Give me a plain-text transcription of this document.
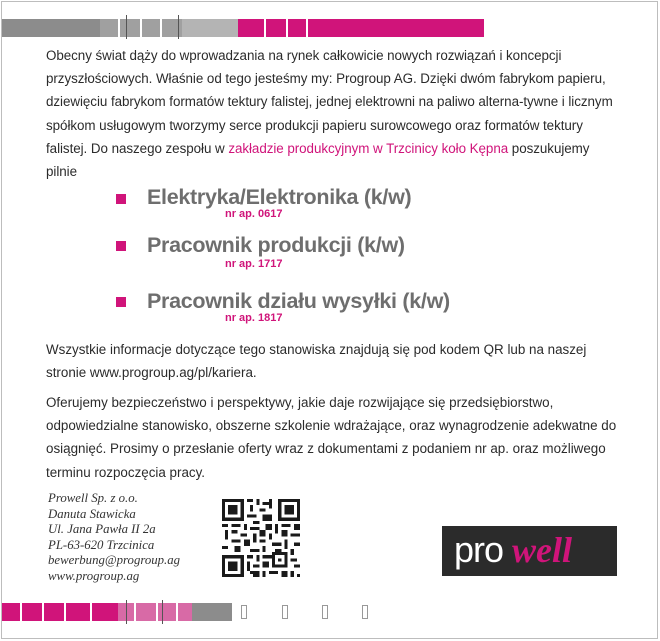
Obecny świat dąży do wprowadzania na rynek całkowicie nowych rozwiązań i koncepcji przyszłościowych. Właśnie od tego jesteśmy my: Progroup AG. Dzięki dwóm fabrykom papieru, dziewięciu fabrykom formatów tektury falistej, jednej elektrowni na paliwo alterna-tywne i licznym spółkom usługowym tworzymy serce produkcji papieru surowcowego oraz formatów tektury falistej. Do naszego zespołu w zakładzie produkcyjnym w Trzcinicy koło Kępna poszukujemy pilnie

Elektryka/Elektronika (k/w)
nr ap. 0617
Pracownik produkcji (k/w)
nr ap. 1717
Pracownik działu wysyłki (k/w)
nr ap. 1817

Wszystkie informacje dotyczące tego stanowiska znajdują się pod kodem QR lub na naszej stronie www.progroup.ag/pl/kariera.

Oferujemy bezpieczeństwo i perspektywy, jakie daje rozwijające się przedsiębiorstwo, odpowiedzialne stanowisko, obszerne szkolenie wdrażające, oraz wynagrodzenie adekwatne do osiągnięć. Prosimy o przesłanie oferty wraz z dokumentami z podaniem nr ap. oraz możliwego terminu rozpoczęcia pracy.

Prowell Sp. z o.o.
Danuta Stawicka
Ul. Jana Pawła II 2a
PL-63-620 Trzcinica
bewerbung@progroup.ag
www.progroup.ag
pro well
